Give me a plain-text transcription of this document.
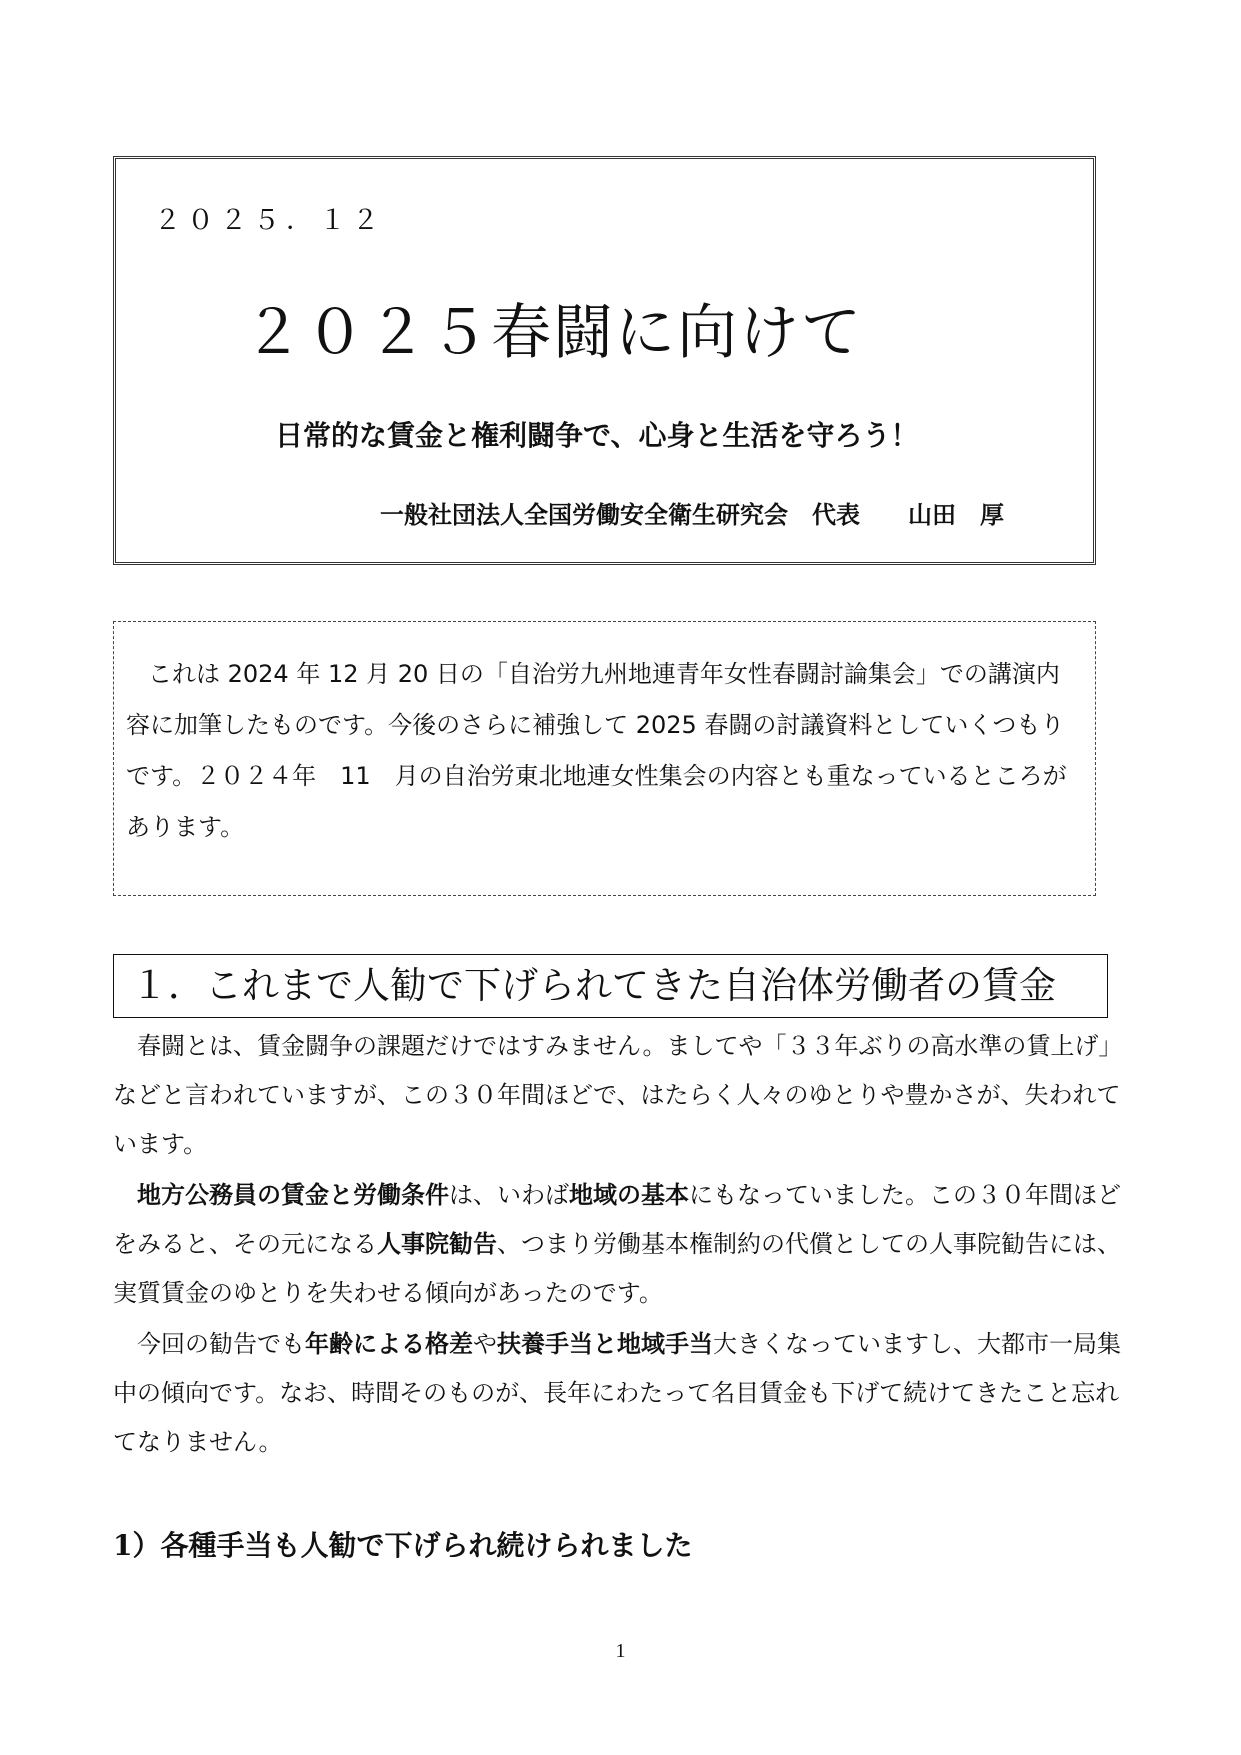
２０２５．１２
２０２５春闘に向けて
日常的な賃金と権利闘争で、心身と生活を守ろう！
一般社団法人全国労働安全衛生研究会　代表　　山田　厚

これは 2024 年 12 月 20 日の「自治労九州地連青年女性春闘討論集会」での講演内容に加筆したものです。今後のさらに補強して 2025 春闘の討議資料としていくつもりです。２０２４年　11　月の自治労東北地連女性集会の内容とも重なっているところがあります。

１．これまで人勧で下げられてきた自治体労働者の賃金

春闘とは、賃金闘争の課題だけではすみません。ましてや「３３年ぶりの高水準の賃上げ」などと言われていますが、この３０年間ほどで、はたらく人々のゆとりや豊かさが、失われています。

地方公務員の賃金と労働条件は、いわば地域の基本にもなっていました。この３０年間ほどをみると、その元になる人事院勧告、つまり労働基本権制約の代償としての人事院勧告には、実質賃金のゆとりを失わせる傾向があったのです。

今回の勧告でも年齢による格差や扶養手当と地域手当大きくなっていますし、大都市一局集中の傾向です。なお、時間そのものが、長年にわたって名目賃金も下げて続けてきたこと忘れてなりません。

1）各種手当も人勧で下げられ続けられました
1
